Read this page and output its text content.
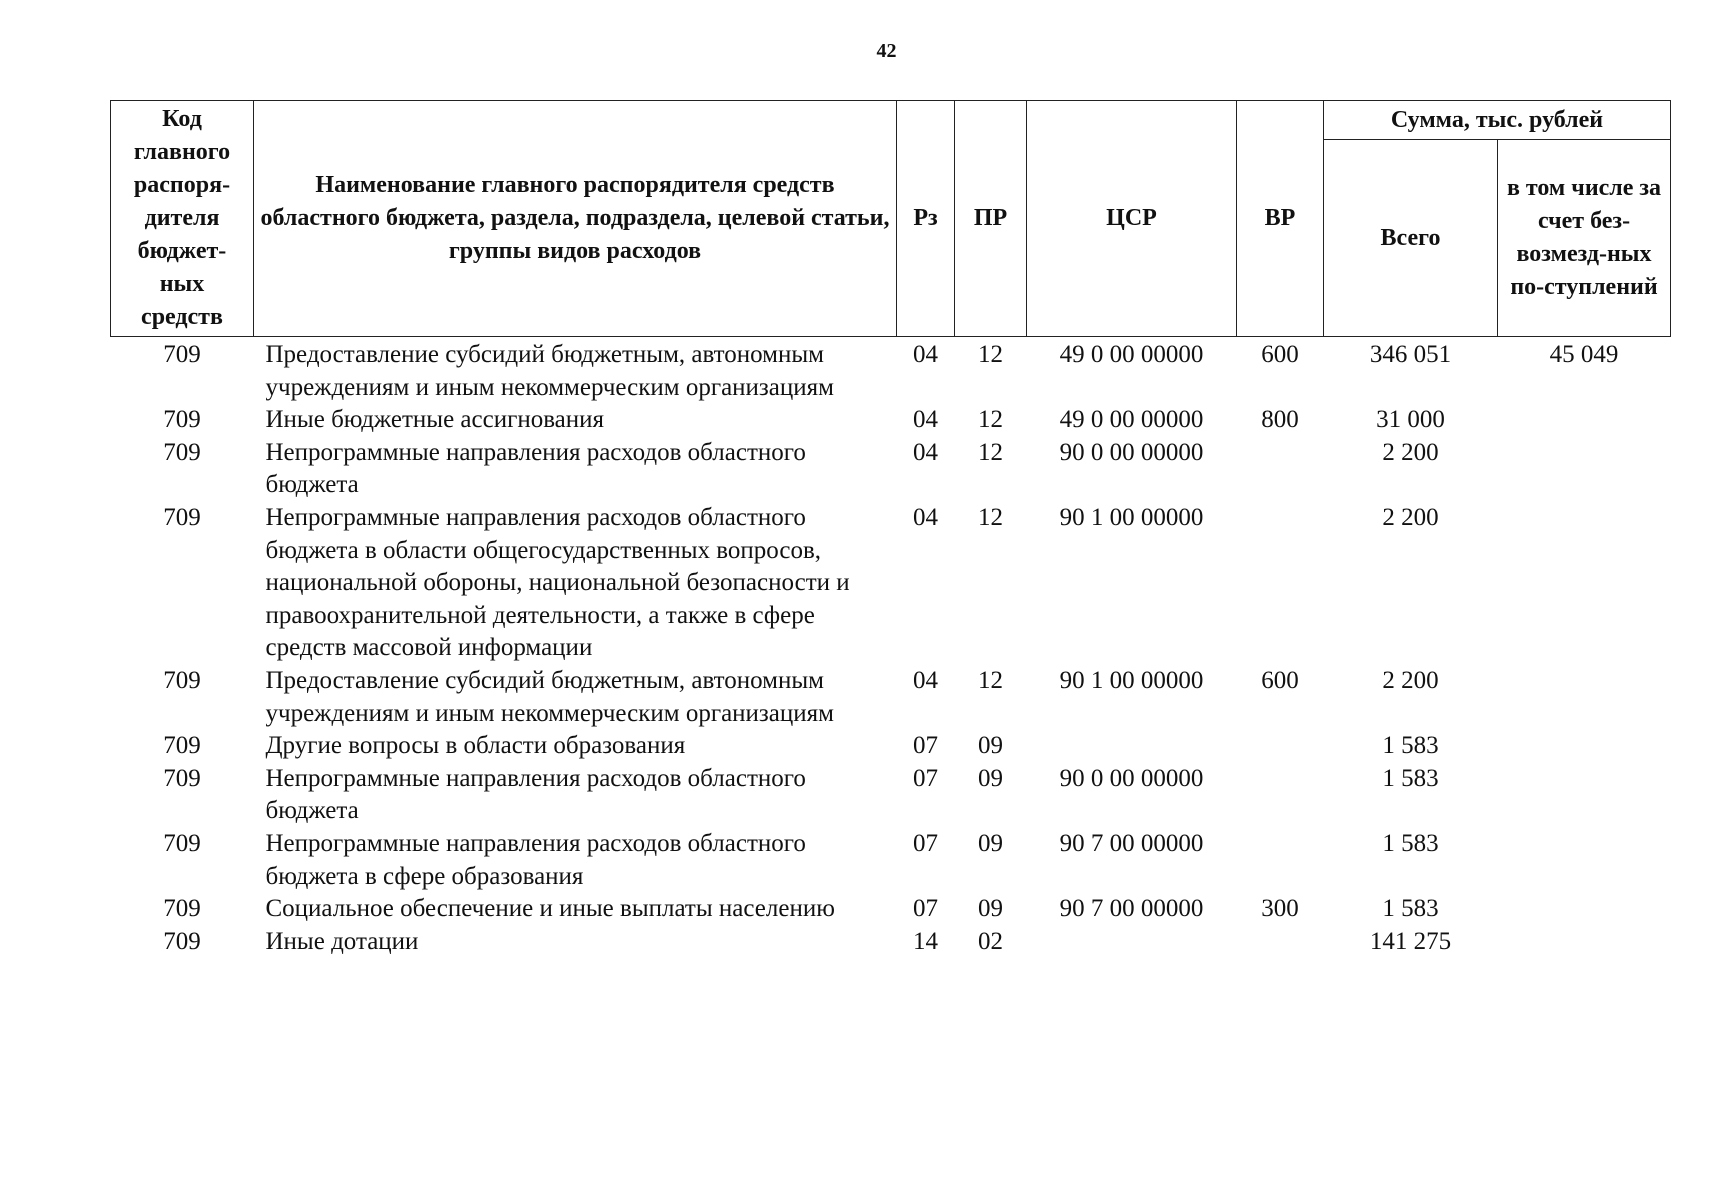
42
Код главного распоря-дителя бюджет-ных средств	Наименование главного распорядителя средств областного бюджета, раздела, подраздела, целевой статьи, группы видов расходов	Рз	ПР	ЦСР	ВР	Сумма, тыс. рублей	
						Всего	в том числе за счет без-возмезд-ных по-ступлений
709	Предоставление субсидий бюджетным, автономным учреждениям и иным некоммерческим организациям	04	12	49 0 00 00000	600	346 051	45 049
709	Иные бюджетные ассигнования	04	12	49 0 00 00000	800	31 000	
709	Непрограммные направления расходов областного бюджета	04	12	90 0 00 00000		2 200	
709	Непрограммные направления расходов областного бюджета в области общегосударственных вопросов, национальной обороны, национальной безопасности и правоохранительной деятельности, а также в сфере средств массовой информации	04	12	90 1 00 00000		2 200	
709	Предоставление субсидий бюджетным, автономным учреждениям и иным некоммерческим организациям	04	12	90 1 00 00000	600	2 200	
709	Другие вопросы в области образования	07	09			1 583	
709	Непрограммные направления расходов областного бюджета	07	09	90 0 00 00000		1 583	
709	Непрограммные направления расходов областного бюджета в сфере образования	07	09	90 7 00 00000		1 583	
709	Социальное обеспечение и иные выплаты населению	07	09	90 7 00 00000	300	1 583	
709	Иные дотации	14	02			141 275	
